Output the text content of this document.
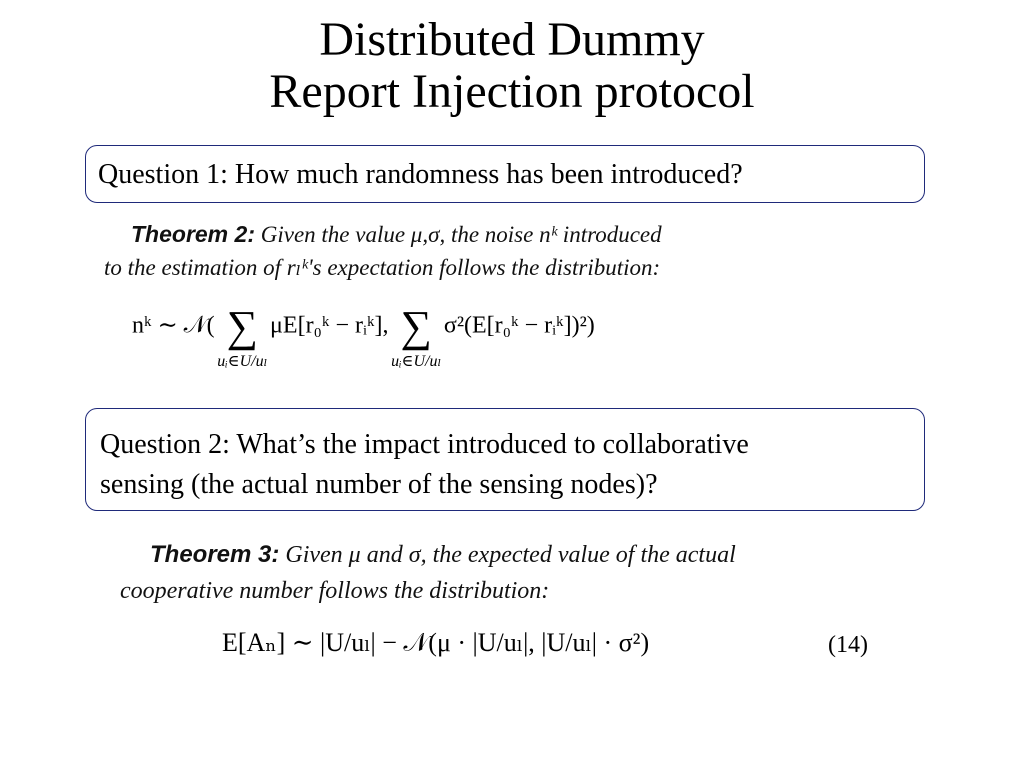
Distributed Dummy
Report Injection protocol
Question 1: How much randomness has been introduced?
Theorem 2: Given the value μ,σ, the noise nᵏ introduced
to the estimation of rₗᵏ's expectation follows the distribution:
nᵏ ∼ 𝒩( ∑
uᵢ∈U/uₗ
μE[r₀ᵏ − rᵢᵏ], ∑
uᵢ∈U/uₗ
σ²(E[r₀ᵏ − rᵢᵏ])²)
Question 2: What’s the impact introduced to collaborative
sensing (the actual number of the sensing nodes)?
Theorem 3: Given μ and σ, the expected value of the actual
cooperative number follows the distribution:
E[Aₙ] ∼ |U/uₗ| − 𝒩(μ · |U/uₗ|, |U/uₗ| · σ²)	(14)
